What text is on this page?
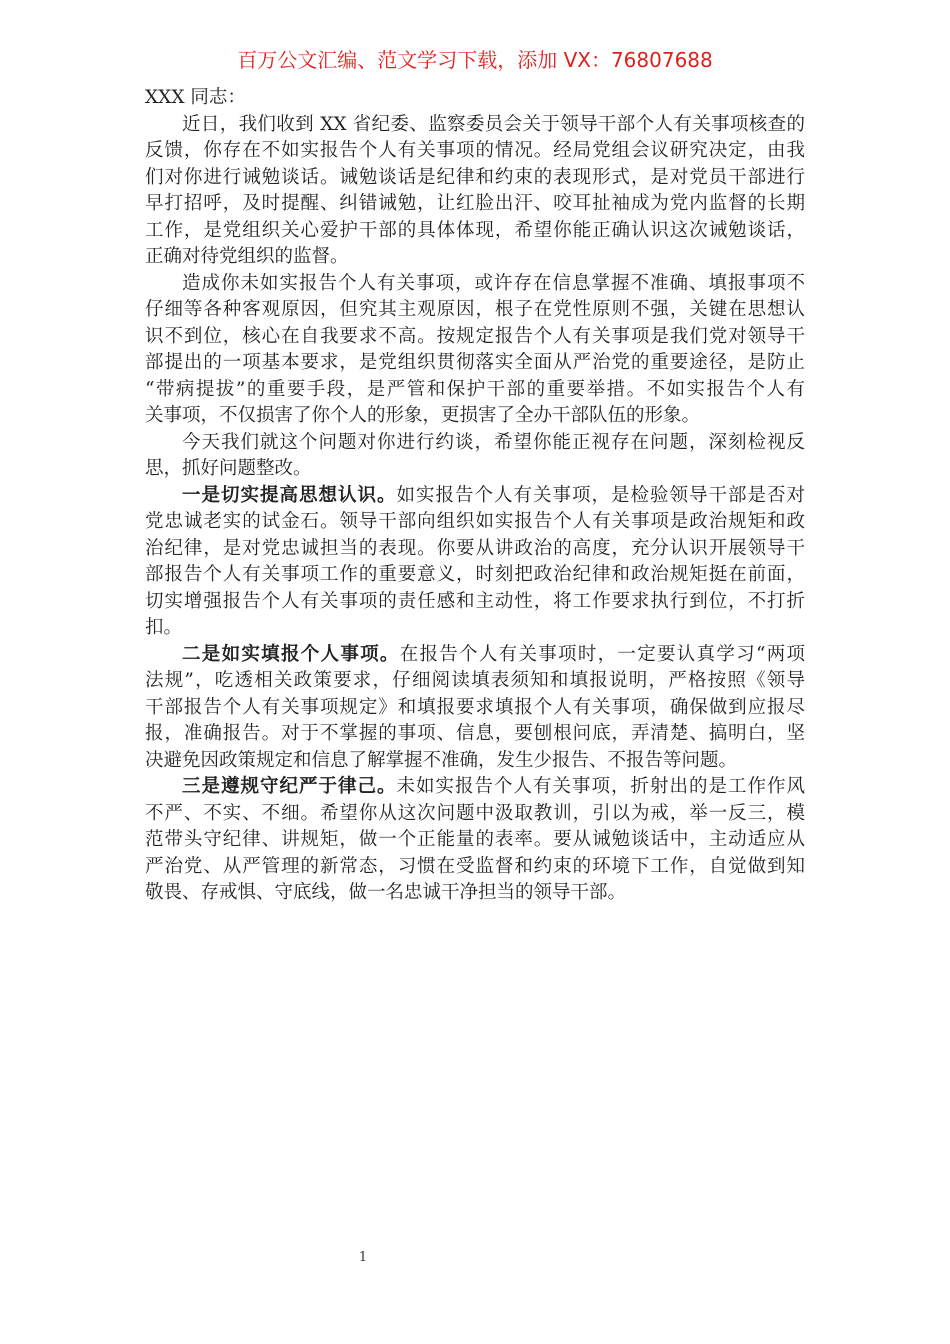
百万公文汇编、范文学习下载，添加 VX：76807688
XXX 同志：
近日，我们收到 XX 省纪委、监察委员会关于领导干部个人有关事项核查的
反馈，你存在不如实报告个人有关事项的情况。经局党组会议研究决定，由我
们对你进行诫勉谈话。诫勉谈话是纪律和约束的表现形式，是对党员干部进行
早打招呼，及时提醒、纠错诫勉，让红脸出汗、咬耳扯袖成为党内监督的长期
工作，是党组织关心爱护干部的具体体现，希望你能正确认识这次诫勉谈话，
正确对待党组织的监督。
造成你未如实报告个人有关事项，或许存在信息掌握不准确、填报事项不
仔细等各种客观原因，但究其主观原因，根子在党性原则不强，关键在思想认
识不到位，核心在自我要求不高。按规定报告个人有关事项是我们党对领导干
部提出的一项基本要求，是党组织贯彻落实全面从严治党的重要途径，是防止
“带病提拔”的重要手段，是严管和保护干部的重要举措。不如实报告个人有
关事项，不仅损害了你个人的形象，更损害了全办干部队伍的形象。
今天我们就这个问题对你进行约谈，希望你能正视存在问题，深刻检视反
思，抓好问题整改。
一是切实提高思想认识。如实报告个人有关事项，是检验领导干部是否对
党忠诚老实的试金石。领导干部向组织如实报告个人有关事项是政治规矩和政
治纪律，是对党忠诚担当的表现。你要从讲政治的高度，充分认识开展领导干
部报告个人有关事项工作的重要意义，时刻把政治纪律和政治规矩挺在前面，
切实增强报告个人有关事项的责任感和主动性，将工作要求执行到位，不打折
扣。
二是如实填报个人事项。在报告个人有关事项时，一定要认真学习“两项
法规”，吃透相关政策要求，仔细阅读填表须知和填报说明，严格按照《领导
干部报告个人有关事项规定》和填报要求填报个人有关事项，确保做到应报尽
报，准确报告。对于不掌握的事项、信息，要刨根问底，弄清楚、搞明白，坚
决避免因政策规定和信息了解掌握不准确，发生少报告、不报告等问题。
三是遵规守纪严于律己。未如实报告个人有关事项，折射出的是工作作风
不严、不实、不细。希望你从这次问题中汲取教训，引以为戒，举一反三，模
范带头守纪律、讲规矩，做一个正能量的表率。要从诫勉谈话中，主动适应从
严治党、从严管理的新常态，习惯在受监督和约束的环境下工作，自觉做到知
敬畏、存戒惧、守底线，做一名忠诚干净担当的领导干部。
1
